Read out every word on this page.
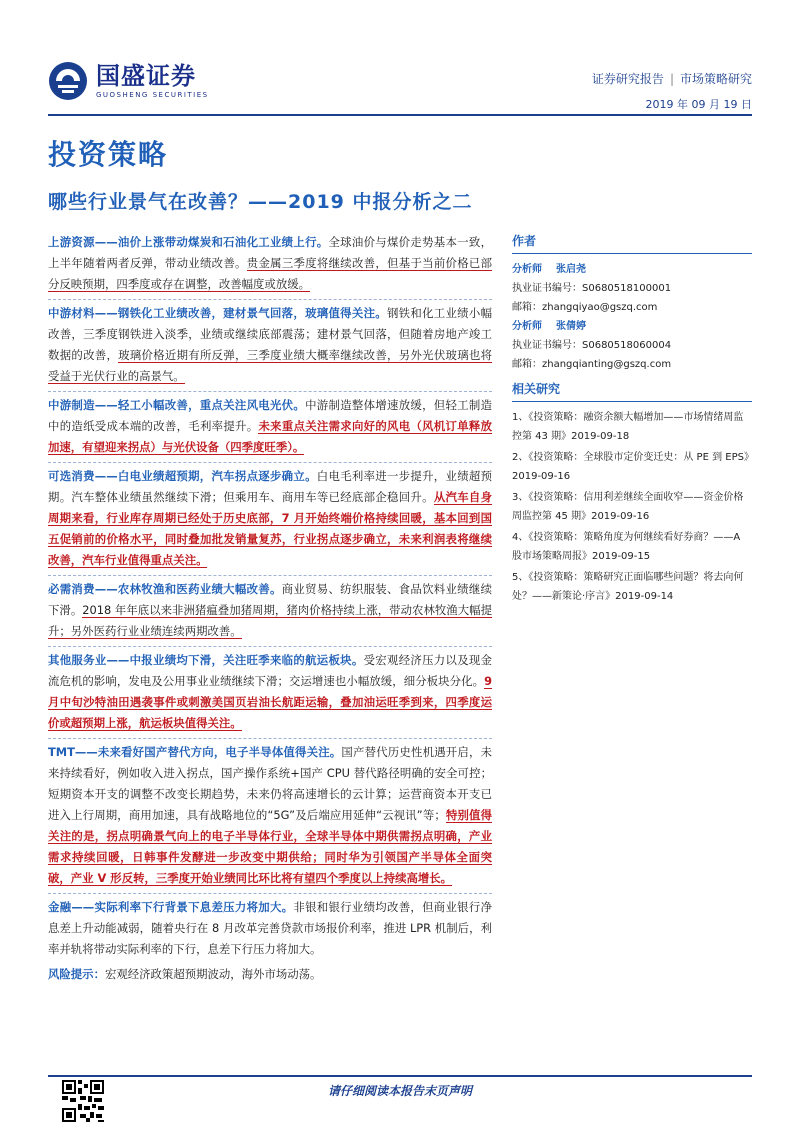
国盛证券
GUOSHENG SECURITIES
证券研究报告 | 市场策略研究
2019 年 09 月 19 日
投资策略
哪些行业景气在改善？——2019 中报分析之二
上游资源——油价上涨带动煤炭和石油化工业绩上行。全球油价与煤价走势基本一致，上半年随着两者反弹，带动业绩改善。贵金属三季度将继续改善，但基于当前价格已部分反映预期，四季度或存在调整，改善幅度或放缓。
中游材料——钢铁化工业绩改善，建材景气回落，玻璃值得关注。钢铁和化工业绩小幅改善，三季度钢铁进入淡季，业绩或继续底部震荡；建材景气回落，但随着房地产竣工数据的改善，玻璃价格近期有所反弹，三季度业绩大概率继续改善，另外光伏玻璃也将受益于光伏行业的高景气。
中游制造——轻工小幅改善，重点关注风电光伏。中游制造整体增速放缓，但轻工制造中的造纸受成本端的改善，毛利率提升。未来重点关注需求向好的风电（风机订单释放加速，有望迎来拐点）与光伏设备（四季度旺季）。
可选消费——白电业绩超预期，汽车拐点逐步确立。白电毛利率进一步提升，业绩超预期。汽车整体业绩虽然继续下滑；但乘用车、商用车等已经底部企稳回升。从汽车自身周期来看，行业库存周期已经处于历史底部，7 月开始终端价格持续回暖，基本回到国五促销前的价格水平，同时叠加批发销量复苏，行业拐点逐步确立，未来利润表将继续改善，汽车行业值得重点关注。
必需消费——农林牧渔和医药业绩大幅改善。商业贸易、纺织服装、食品饮料业绩继续下滑。2018 年年底以来非洲猪瘟叠加猪周期，猪肉价格持续上涨，带动农林牧渔大幅提升；另外医药行业业绩连续两期改善。
其他服务业——中报业绩均下滑，关注旺季来临的航运板块。受宏观经济压力以及现金流危机的影响，发电及公用事业业绩继续下滑；交运增速也小幅放缓，细分板块分化。9 月中旬沙特油田遇袭事件或刺激美国页岩油长航距运输，叠加油运旺季到来，四季度运价或超预期上涨，航运板块值得关注。
TMT——未来看好国产替代方向，电子半导体值得关注。国产替代历史性机遇开启，未来持续看好，例如收入进入拐点，国产操作系统+国产 CPU 替代路径明确的安全可控；短期资本开支的调整不改变长期趋势，未来仍将高速增长的云计算；运营商资本开支已进入上行周期，商用加速，具有战略地位的“5G”及后端应用延伸“云视讯”等；特别值得关注的是，拐点明确景气向上的电子半导体行业，全球半导体中期供需拐点明确，产业需求持续回暖，日韩事件发酵进一步改变中期供给；同时华为引领国产半导体全面突破，产业 V 形反转，三季度开始业绩同比环比将有望四个季度以上持续高增长。
金融——实际利率下行背景下息差压力将加大。非银和银行业绩均改善，但商业银行净息差上升动能减弱，随着央行在 8 月改革完善贷款市场报价利率，推进 LPR 机制后，利率并轨将带动实际利率的下行，息差下行压力将加大。
风险提示：宏观经济政策超预期波动，海外市场动荡。
作者
分析师 张启尧
执业证书编号：S0680518100001
邮箱：zhangqiyao@gszq.com
分析师 张倩婷
执业证书编号：S0680518060004
邮箱：zhangqianting@gszq.com
相关研究
1、《投资策略：融资余额大幅增加——市场情绪周监控第 43 期》2019-09-18
2、《投资策略：全球股市定价变迁史：从 PE 到 EPS》2019-09-16
3、《投资策略：信用利差继续全面收窄——资金价格周监控第 45 期》2019-09-16
4、《投资策略：策略角度为何继续看好券商？——A 股市场策略周报》2019-09-15
5、《投资策略：策略研究正面临哪些问题？将去向何处？——新策论·序言》2019-09-14
请仔细阅读本报告末页声明
